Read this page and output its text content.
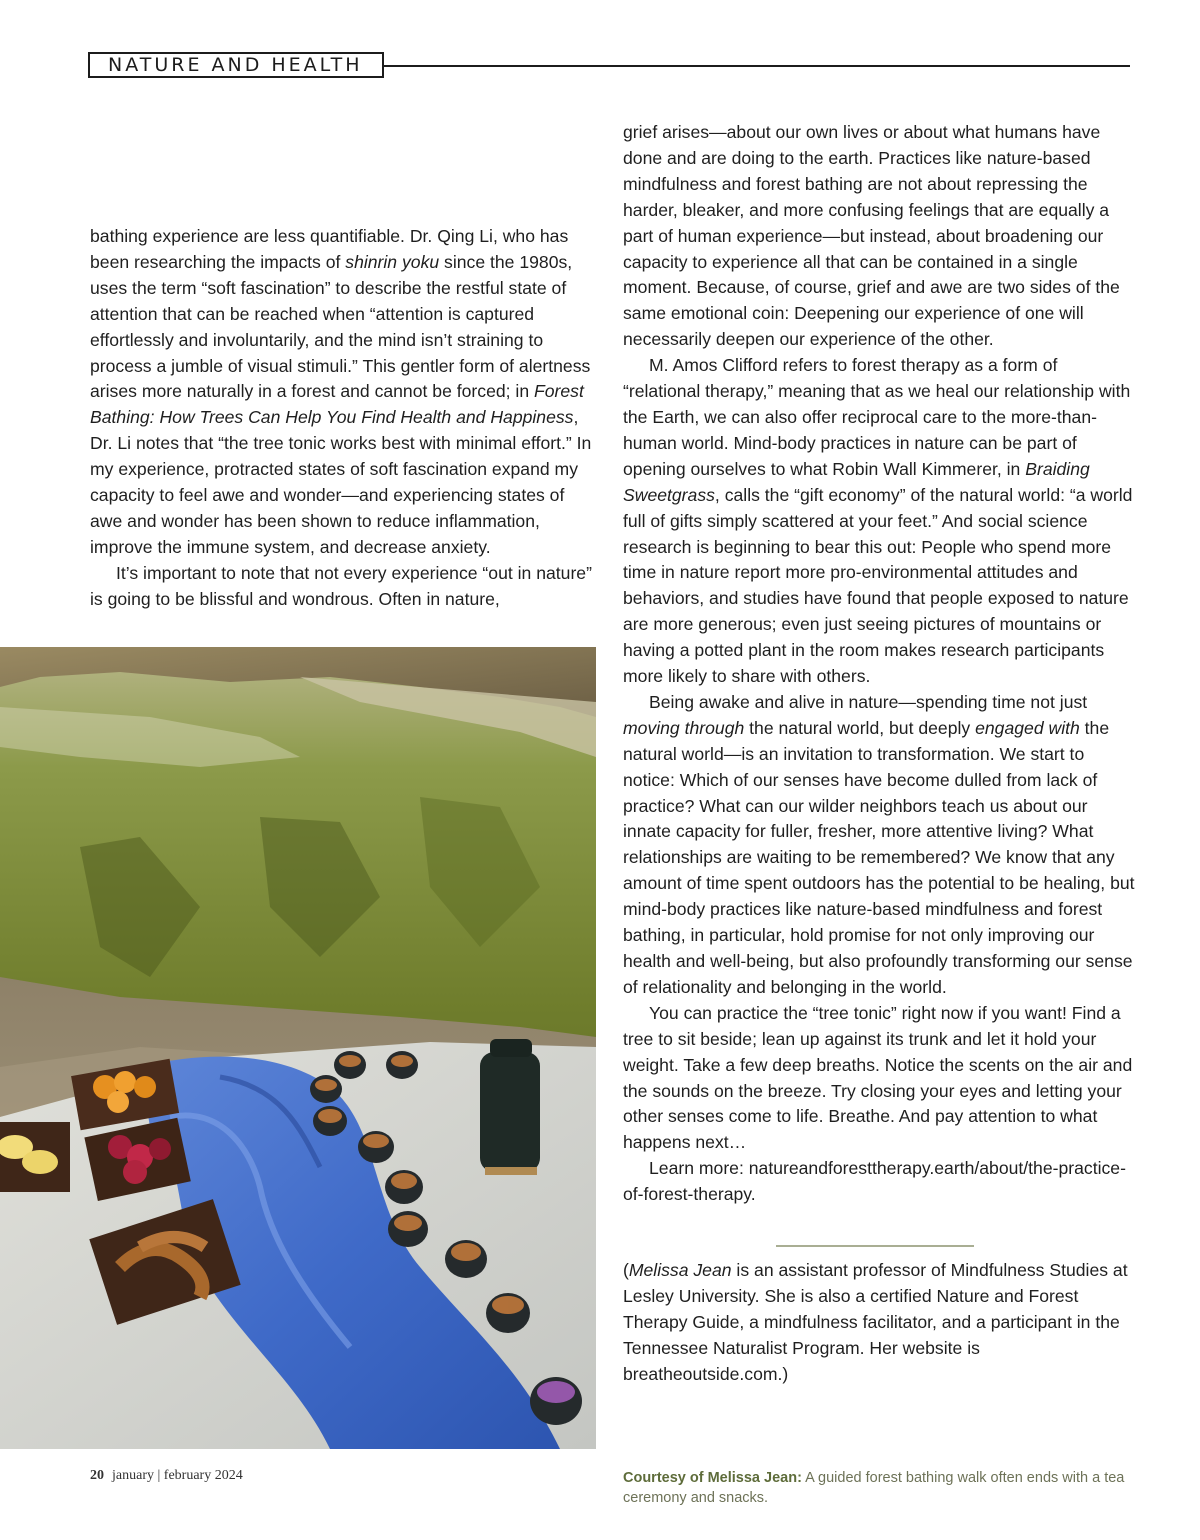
NATURE AND HEALTH

bathing experience are less quantifiable. Dr. Qing Li, who has been researching the impacts of shinrin yoku since the 1980s, uses the term “soft fascination” to describe the restful state of attention that can be reached when “attention is captured effortlessly and involuntarily, and the mind isn’t straining to process a jumble of visual stimuli.” This gentler form of alertness arises more naturally in a forest and cannot be forced; in Forest Bathing: How Trees Can Help You Find Health and Happiness, Dr. Li notes that “the tree tonic works best with minimal effort.” In my experience, protracted states of soft fascination expand my capacity to feel awe and wonder—and experiencing states of awe and wonder has been shown to reduce inflammation, improve the immune system, and decrease anxiety.

It’s important to note that not every experience “out in nature” is going to be blissful and wondrous. Often in nature,

grief arises—about our own lives or about what humans have done and are doing to the earth. Practices like nature-based mindfulness and forest bathing are not about repressing the harder, bleaker, and more confusing feelings that are equally a part of human experience—but instead, about broadening our capacity to experience all that can be contained in a single moment. Because, of course, grief and awe are two sides of the same emotional coin: Deepening our experience of one will necessarily deepen our experience of the other.

M. Amos Clifford refers to forest therapy as a form of “relational therapy,” meaning that as we heal our relationship with the Earth, we can also offer reciprocal care to the more-than-human world. Mind-body practices in nature can be part of opening ourselves to what Robin Wall Kimmerer, in Braiding Sweetgrass, calls the “gift economy” of the natural world: “a world full of gifts simply scattered at your feet.” And social science research is beginning to bear this out: People who spend more time in nature report more pro-environmental attitudes and behaviors, and studies have found that people exposed to nature are more generous; even just seeing pictures of mountains or having a potted plant in the room makes research participants more likely to share with others.

Being awake and alive in nature—spending time not just moving through the natural world, but deeply engaged with the natural world—is an invitation to transformation. We start to notice: Which of our senses have become dulled from lack of practice? What can our wilder neighbors teach us about our innate capacity for fuller, fresher, more attentive living? What relationships are waiting to be remembered? We know that any amount of time spent outdoors has the potential to be healing, but mind-body practices like nature-based mindfulness and forest bathing, in particular, hold promise for not only improving our health and well-being, but also profoundly transforming our sense of relationality and belonging in the world.

You can practice the “tree tonic” right now if you want! Find a tree to sit beside; lean up against its trunk and let it hold your weight. Take a few deep breaths. Notice the scents on the air and the sounds on the breeze. Try closing your eyes and letting your other senses come to life. Breathe. And pay attention to what happens next…

Learn more: natureandforesttherapy.earth/about/the-practice-of-forest-therapy.

(Melissa Jean is an assistant professor of Mindfulness Studies at Lesley University. She is also a certified Nature and Forest Therapy Guide, a mindfulness facilitator, and a participant in the Tennessee Naturalist Program. Her website is breatheoutside.com.)

Courtesy of Melissa Jean: A guided forest bathing walk often ends with a tea ceremony and snacks.
20 january | february 2024
